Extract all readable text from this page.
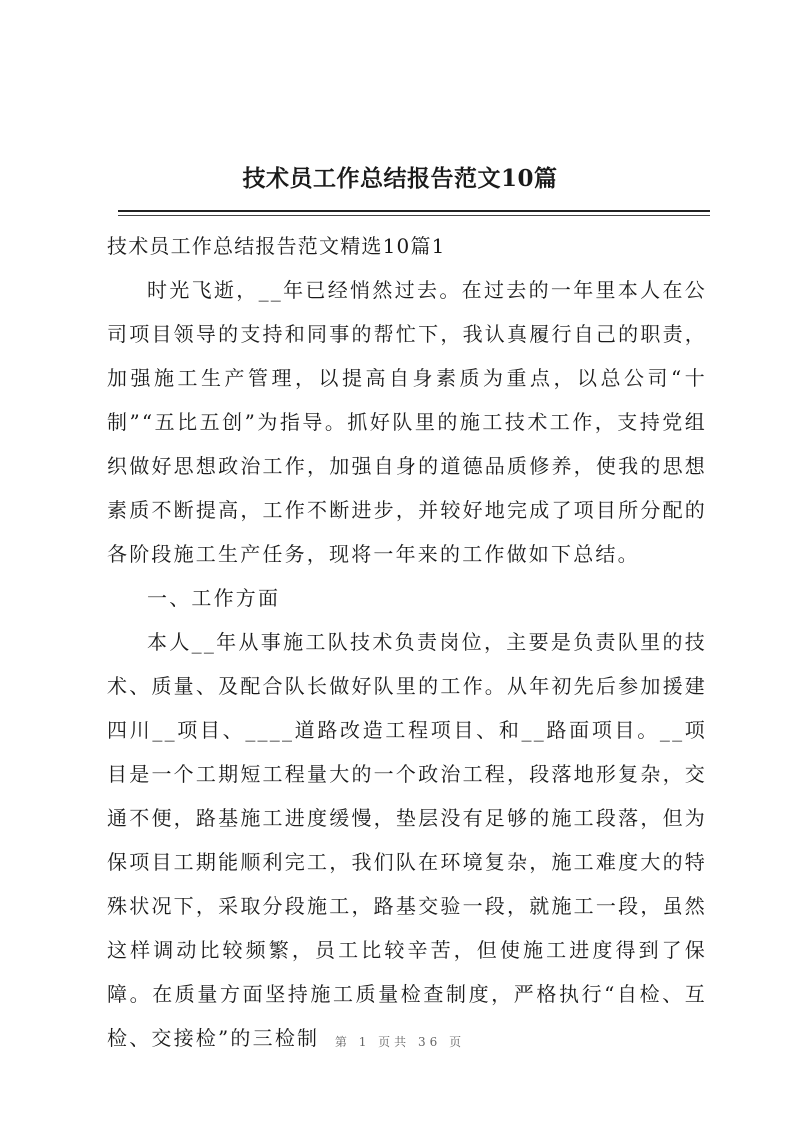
技术员工作总结报告范文10篇

技术员工作总结报告范文精选10篇1

时光飞逝，__年已经悄然过去。在过去的一年里本人在公司项目领导的支持和同事的帮忙下，我认真履行自己的职责，加强施工生产管理，以提高自身素质为重点，以总公司“十制”“五比五创”为指导。抓好队里的施工技术工作，支持党组织做好思想政治工作，加强自身的道德品质修养，使我的思想素质不断提高，工作不断进步，并较好地完成了项目所分配的各阶段施工生产任务，现将一年来的工作做如下总结。

一、工作方面

本人__年从事施工队技术负责岗位，主要是负责队里的技术、质量、及配合队长做好队里的工作。从年初先后参加援建四川__项目、____道路改造工程项目、和__路面项目。__项目是一个工期短工程量大的一个政治工程，段落地形复杂，交通不便，路基施工进度缓慢，垫层没有足够的施工段落，但为保项目工期能顺利完工，我们队在环境复杂，施工难度大的特殊状况下，采取分段施工，路基交验一段，就施工一段，虽然这样调动比较频繁，员工比较辛苦，但使施工进度得到了保障。在质量方面坚持施工质量检查制度，严格执行“自检、互检、交接检”的三检制	第 1 页共 36 页
